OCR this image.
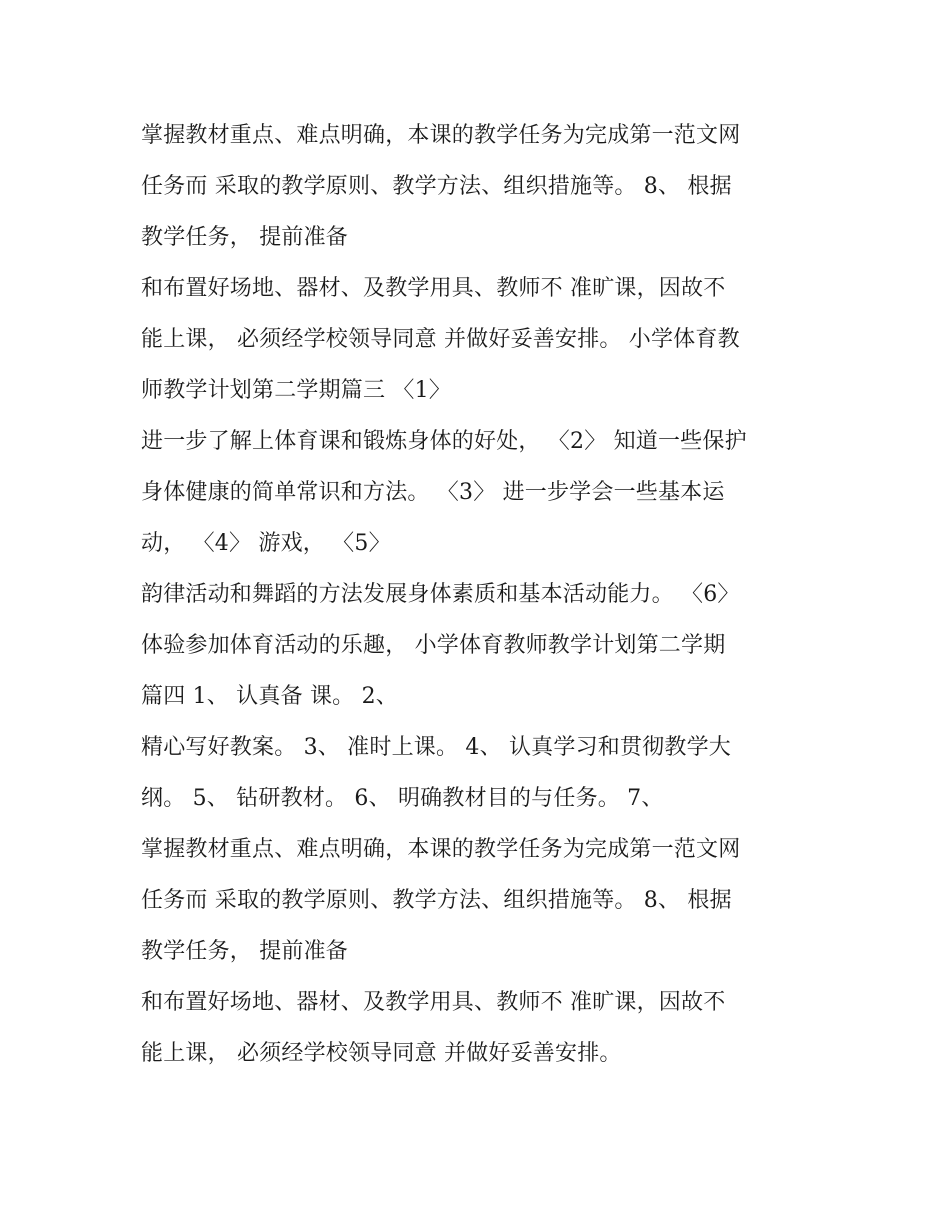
掌握教材重点、难点明确，本课的教学任务为完成第一范文网
任务而 采取的教学原则、教学方法、组织措施等。 8、 根据
教学任务， 提前准备
和布置好场地、器材、及教学用具、教师不 准旷课，因故不
能上课， 必须经学校领导同意 并做好妥善安排。 小学体育教
师教学计划第二学期篇三 〈1〉
进一步了解上体育课和锻炼身体的好处， 〈2〉 知道一些保护
身体健康的简单常识和方法。 〈3〉 进一步学会一些基本运
动， 〈4〉 游戏， 〈5〉
韵律活动和舞蹈的方法发展身体素质和基本活动能力。 〈6〉
体验参加体育活动的乐趣， 小学体育教师教学计划第二学期
篇四 1、 认真备 课。 2、
精心写好教案。 3、 准时上课。 4、 认真学习和贯彻教学大
纲。 5、 钻研教材。 6、 明确教材目的与任务。 7、
掌握教材重点、难点明确，本课的教学任务为完成第一范文网
任务而 采取的教学原则、教学方法、组织措施等。 8、 根据
教学任务， 提前准备
和布置好场地、器材、及教学用具、教师不 准旷课，因故不
能上课， 必须经学校领导同意 并做好妥善安排。
